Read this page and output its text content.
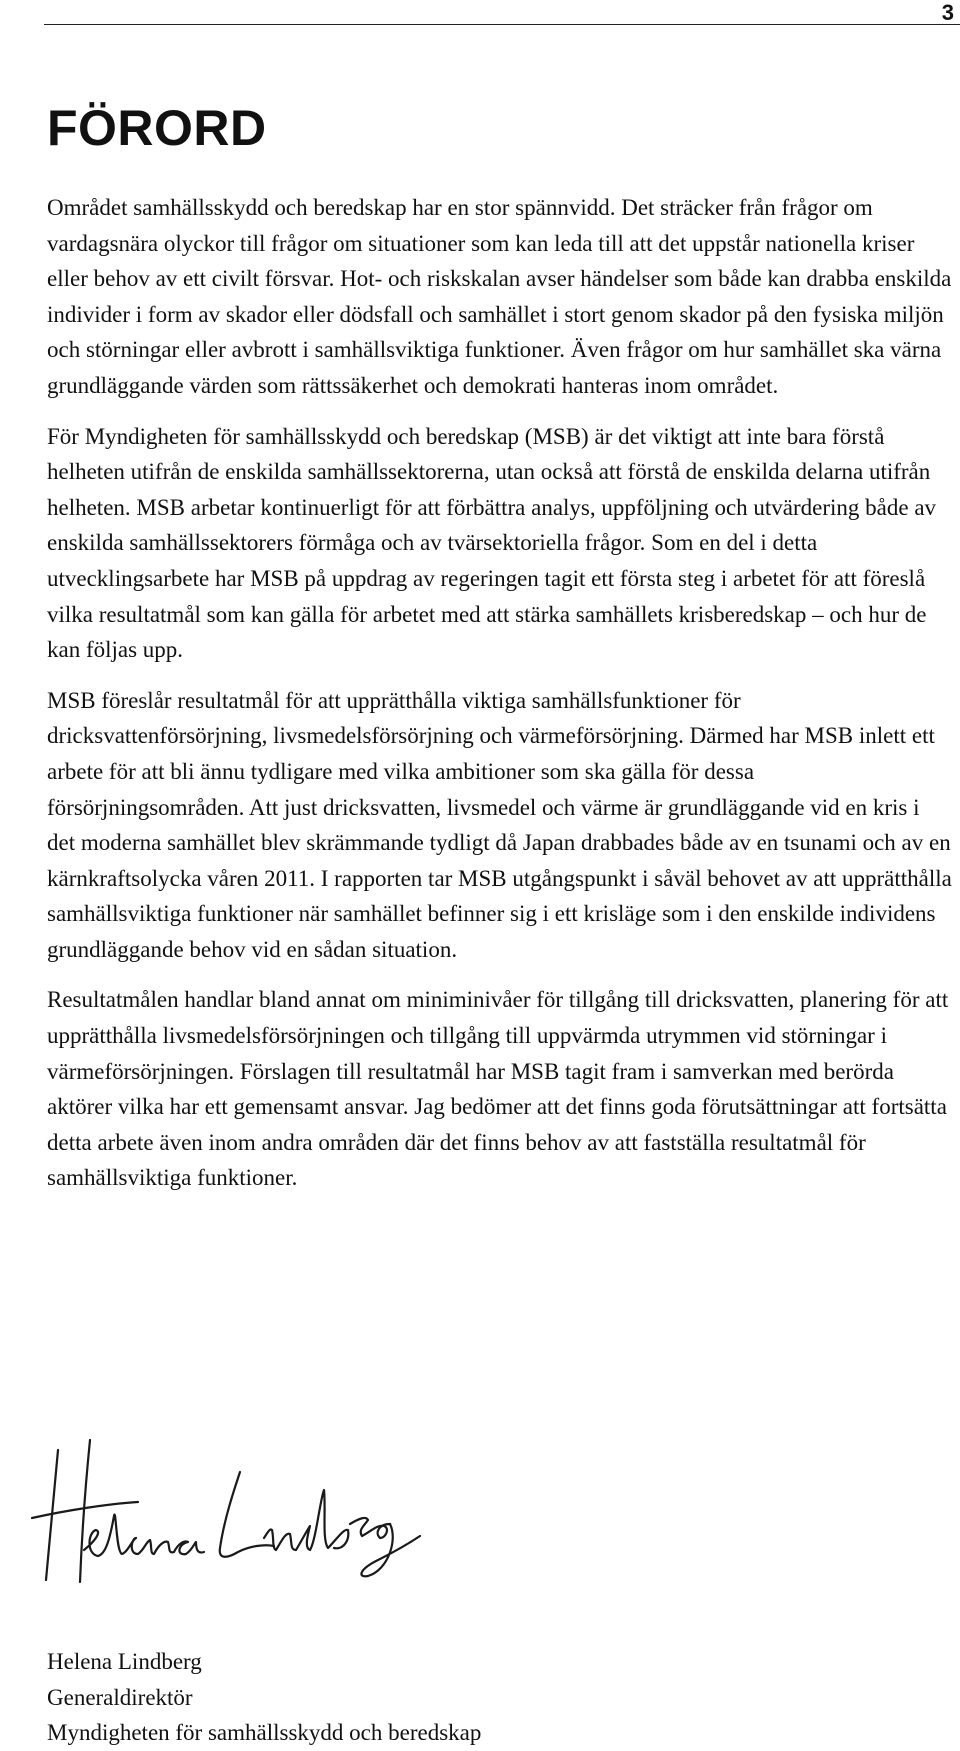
3
FÖRORD

Området samhällsskydd och beredskap har en stor spännvidd. Det sträcker från frågor om vardagsnära olyckor till frågor om situationer som kan leda till att det uppstår nationella kriser eller behov av ett civilt försvar. Hot- och riskskalan avser händelser som både kan drabba enskilda individer i form av skador eller dödsfall och samhället i stort genom skador på den fysiska miljön och störningar eller avbrott i samhällsviktiga funktioner. Även frågor om hur samhället ska värna grundläggande värden som rättssäkerhet och demokrati hanteras inom området.

För Myndigheten för samhällsskydd och beredskap (MSB) är det viktigt att inte bara förstå helheten utifrån de enskilda samhällssektorerna, utan också att förstå de enskilda delarna utifrån helheten. MSB arbetar kontinuerligt för att förbättra analys, uppföljning och utvärdering både av enskilda samhällssektorers förmåga och av tvärsektoriella frågor. Som en del i detta utvecklingsarbete har MSB på uppdrag av regeringen tagit ett första steg i arbetet för att föreslå vilka resultatmål som kan gälla för arbetet med att stärka samhällets krisberedskap – och hur de kan följas upp.

MSB föreslår resultatmål för att upprätthålla viktiga samhällsfunktioner för dricksvattenförsörjning, livsmedelsförsörjning och värmeförsörjning. Därmed har MSB inlett ett arbete för att bli ännu tydligare med vilka ambitioner som ska gälla för dessa försörjningsområden. Att just dricksvatten, livsmedel och värme är grundläggande vid en kris i det moderna samhället blev skrämmande tydligt då Japan drabbades både av en tsunami och av en kärnkraftsolycka våren 2011. I rapporten tar MSB utgångspunkt i såväl behovet av att upprätthålla samhällsviktiga funktioner när samhället befinner sig i ett krisläge som i den enskilde individens grundläggande behov vid en sådan situation.

Resultatmålen handlar bland annat om miniminivåer för tillgång till dricksvatten, planering för att upprätthålla livsmedelsförsörjningen och tillgång till uppvärmda utrymmen vid störningar i värmeförsörjningen. Förslagen till resultatmål har MSB tagit fram i samverkan med berörda aktörer vilka har ett gemensamt ansvar. Jag bedömer att det finns goda förutsättningar att fortsätta detta arbete även inom andra områden där det finns behov av att fastställa resultatmål för samhällsviktiga funktioner.

Helena Lindberg
Generaldirektör
Myndigheten för samhällsskydd och beredskap
